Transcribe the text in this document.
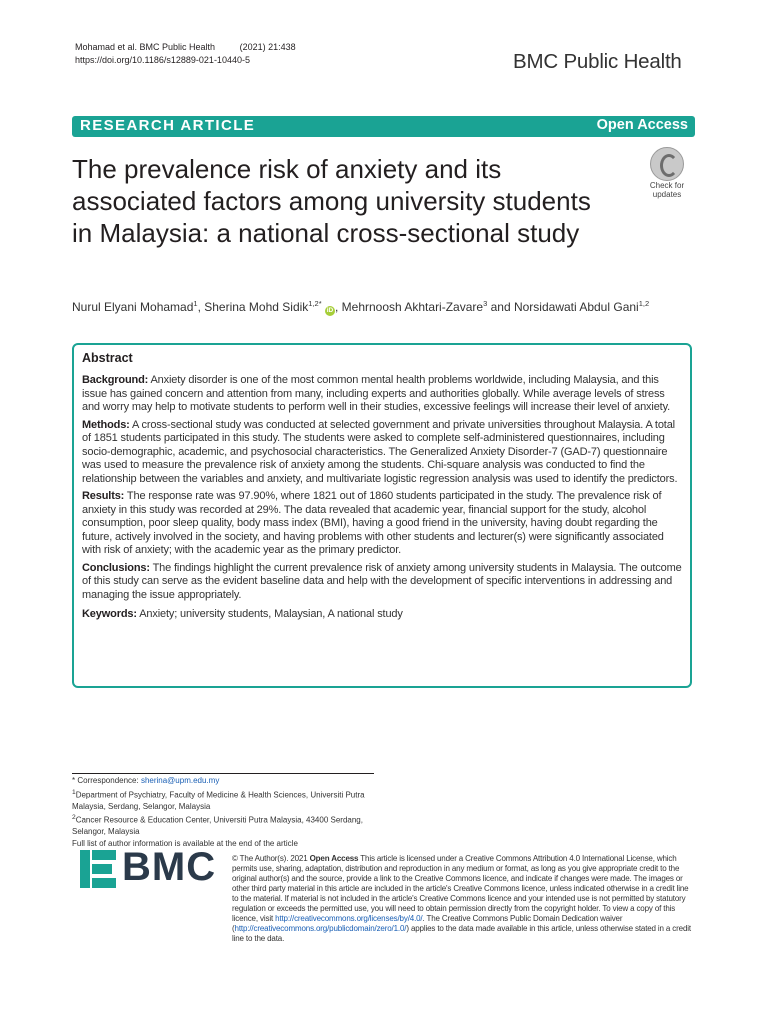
Mohamad et al. BMC Public Health	(2021) 21:438
https://doi.org/10.1186/s12889-021-10440-5	BMC Public Health
RESEARCH ARTICLE	Open Access
The prevalence risk of anxiety and its associated factors among university students in Malaysia: a national cross-sectional study
Check for
updates
Nurul Elyani Mohamad$^1$, Sherina Mohd Sidik$^{1,2*}$ iD , Mehrnoosh Akhtari-Zavare$^3$ and Norsidawati Abdul Gani$^{1,2}$
Abstract

Background: Anxiety disorder is one of the most common mental health problems worldwide, including Malaysia, and this issue has gained concern and attention from many, including experts and authorities globally. While average levels of stress and worry may help to motivate students to perform well in their studies, excessive feelings will increase their level of anxiety.

Methods: A cross-sectional study was conducted at selected government and private universities throughout Malaysia. A total of 1851 students participated in this study. The students were asked to complete self-administered questionnaires, including socio-demographic, academic, and psychosocial characteristics. The Generalized Anxiety Disorder-7 (GAD-7) questionnaire was used to measure the prevalence risk of anxiety among the students. Chi-square analysis was conducted to find the relationship between the variables and anxiety, and multivariate logistic regression analysis was used to identify the predictors.

Results: The response rate was 97.90%, where 1821 out of 1860 students participated in the study. The prevalence risk of anxiety in this study was recorded at 29%. The data revealed that academic year, financial support for the study, alcohol consumption, poor sleep quality, body mass index (BMI), having a good friend in the university, having doubt regarding the future, actively involved in the society, and having problems with other students and lecturer(s) were significantly associated with risk of anxiety; with the academic year as the primary predictor.

Conclusions: The findings highlight the current prevalence risk of anxiety among university students in Malaysia. The outcome of this study can serve as the evident baseline data and help with the development of specific interventions in addressing and managing the issue appropriately.

Keywords: Anxiety; university students, Malaysian, A national study

* Correspondence: sherina@upm.edu.my

$^1$Department of Psychiatry, Faculty of Medicine & Health Sciences, Universiti Putra Malaysia, Serdang, Selangor, Malaysia

$^2$Cancer Resource & Education Center, Universiti Putra Malaysia, 43400 Serdang, Selangor, Malaysia

Full list of author information is available at the end of the article

BMC © The Author(s). 2021 Open Access This article is licensed under a Creative Commons Attribution 4.0 International License, which permits use, sharing, adaptation, distribution and reproduction in any medium or format, as long as you give appropriate credit to the original author(s) and the source, provide a link to the Creative Commons licence, and indicate if changes were made. The images or other third party material in this article are included in the article's Creative Commons licence, unless indicated otherwise in a credit line to the material. If material is not included in the article's Creative Commons licence and your intended use is not permitted by statutory regulation or exceeds the permitted use, you will need to obtain permission directly from the copyright holder. To view a copy of this licence, visit http://creativecommons.org/licenses/by/4.0/. The Creative Commons Public Domain Dedication waiver (http://creativecommons.org/publicdomain/zero/1.0/) applies to the data made available in this article, unless otherwise stated in a credit line to the data.
